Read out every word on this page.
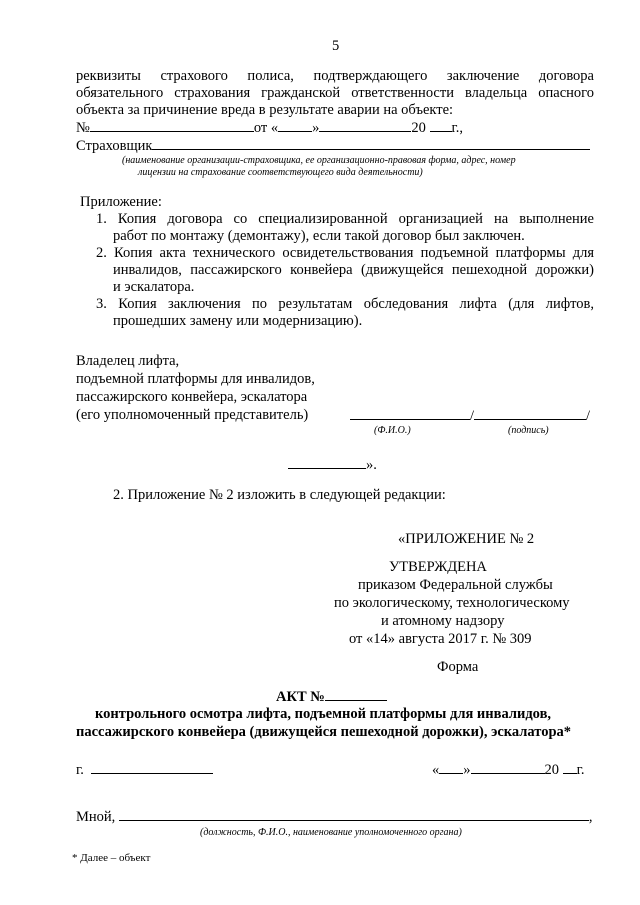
5
реквизиты страхового полиса, подтверждающего заключение договора
обязательного страхования гражданской ответственности владельца опасного
объекта за причинение вреда в результате аварии на объекте:
№	от « »	20 г.,
Страховщик
(наименование организации-страховщика, ее организационно-правовая форма, адрес, номер
лицензии на страхование соответствующего вида деятельности)
Приложение:
1. Копия договора со специализированной организацией на выполнение
работ по монтажу (демонтажу), если такой договор был заключен.
2. Копия акта технического освидетельствования подъемной платформы для
инвалидов, пассажирского конвейера (движущейся пешеходной дорожки)
и эскалатора.
3. Копия заключения по результатам обследования лифта (для лифтов,
прошедших замену или модернизацию).
Владелец лифта,
подъемной платформы для инвалидов,
пассажирского конвейера, эскалатора
(его уполномоченный представитель)	/	/
(Ф.И.О.)	(подпись)
».
2. Приложение № 2 изложить в следующей редакции:
«ПРИЛОЖЕНИЕ № 2
УТВЕРЖДЕНА
приказом Федеральной службы
по экологическому, технологическому
и атомному надзору
от «14» августа 2017 г. № 309
Форма
АКТ №
контрольного осмотра лифта, подъемной платформы для инвалидов,
пассажирского конвейера (движущейся пешеходной дорожки), эскалатора*
г.	« »	20 г.
Мной,	,
(должность, Ф.И.О., наименование уполномоченного органа)
* Далее – объект
